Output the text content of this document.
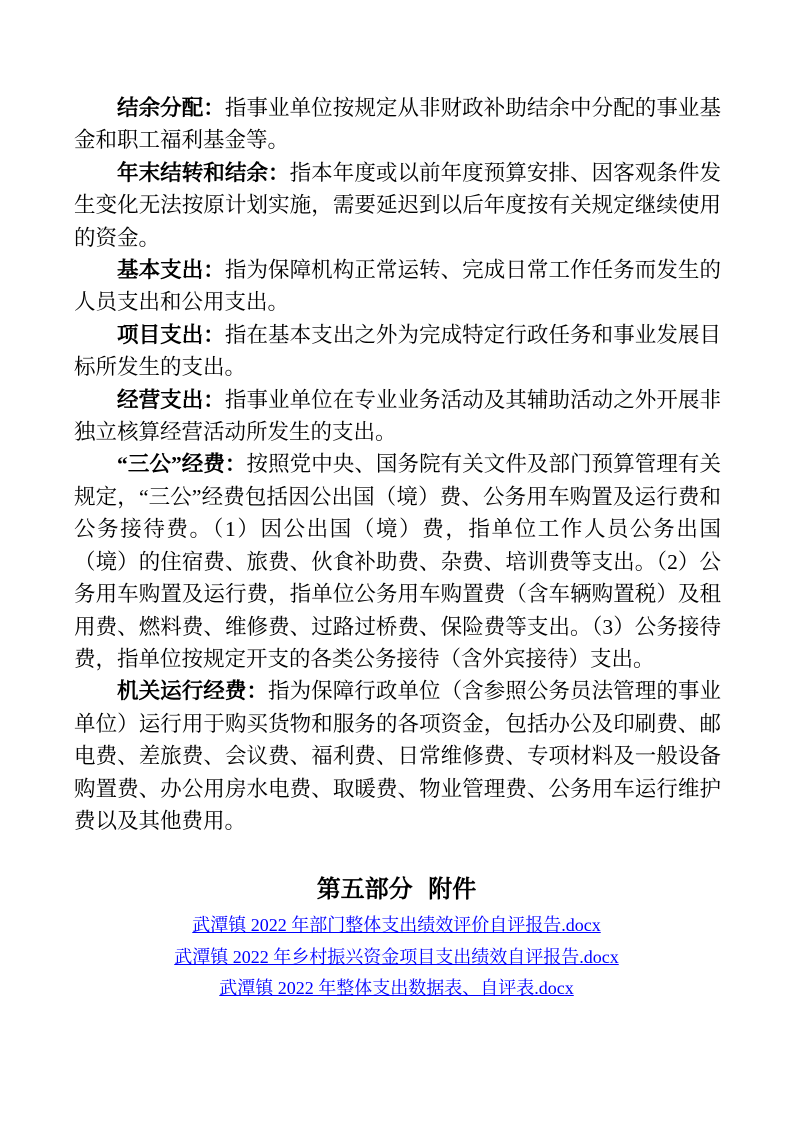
结余分配：指事业单位按规定从非财政补助结余中分配的事业基金和职工福利基金等。

年末结转和结余：指本年度或以前年度预算安排、因客观条件发生变化无法按原计划实施，需要延迟到以后年度按有关规定继续使用的资金。

基本支出：指为保障机构正常运转、完成日常工作任务而发生的人员支出和公用支出。

项目支出：指在基本支出之外为完成特定行政任务和事业发展目标所发生的支出。

经营支出：指事业单位在专业业务活动及其辅助活动之外开展非独立核算经营活动所发生的支出。

“三公”经费：按照党中央、国务院有关文件及部门预算管理有关规定，“三公”经费包括因公出国（境）费、公务用车购置及运行费和公务接待费。（1）因公出国（境）费，指单位工作人员公务出国（境）的住宿费、旅费、伙食补助费、杂费、培训费等支出。（2）公务用车购置及运行费，指单位公务用车购置费（含车辆购置税）及租用费、燃料费、维修费、过路过桥费、保险费等支出。（3）公务接待费，指单位按规定开支的各类公务接待（含外宾接待）支出。

机关运行经费：指为保障行政单位（含参照公务员法管理的事业单位）运行用于购买货物和服务的各项资金，包括办公及印刷费、邮电费、差旅费、会议费、福利费、日常维修费、专项材料及一般设备购置费、办公用房水电费、取暖费、物业管理费、公务用车运行维护费以及其他费用。

第五部分 附件
武潭镇 2022 年部门整体支出绩效评价自评报告.docx
武潭镇 2022 年乡村振兴资金项目支出绩效自评报告.docx
武潭镇 2022 年整体支出数据表、自评表.docx
